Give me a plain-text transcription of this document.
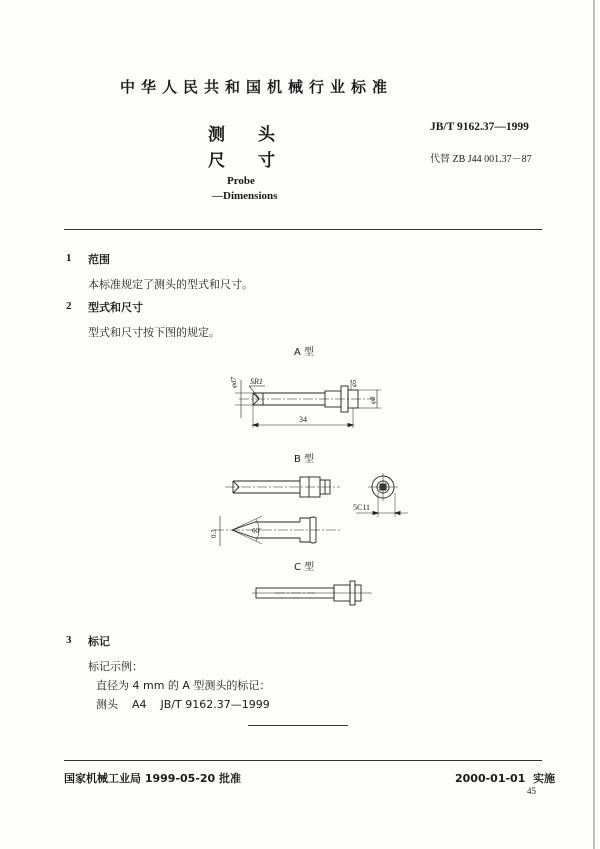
中华人民共和国机械行业标准
测 头
尺 寸
Probe
—Dimensions
JB/T 9162.37—1999
代替 ZB J44 001.37－87
1 范围
本标准规定了测头的型式和尺寸。
2 型式和尺寸
型式和尺寸按下图的规定。
A 型
B 型
C 型
φd7 SR1	φ5
φ8
34
0.3	60°
5C11
3 标记
标记示例：
直径为 4 mm 的 A 型测头的标记：
测头    A4    JB/T 9162.37—1999
国家机械工业局 1999-05-20 批准	2000-01-01  实施
45
